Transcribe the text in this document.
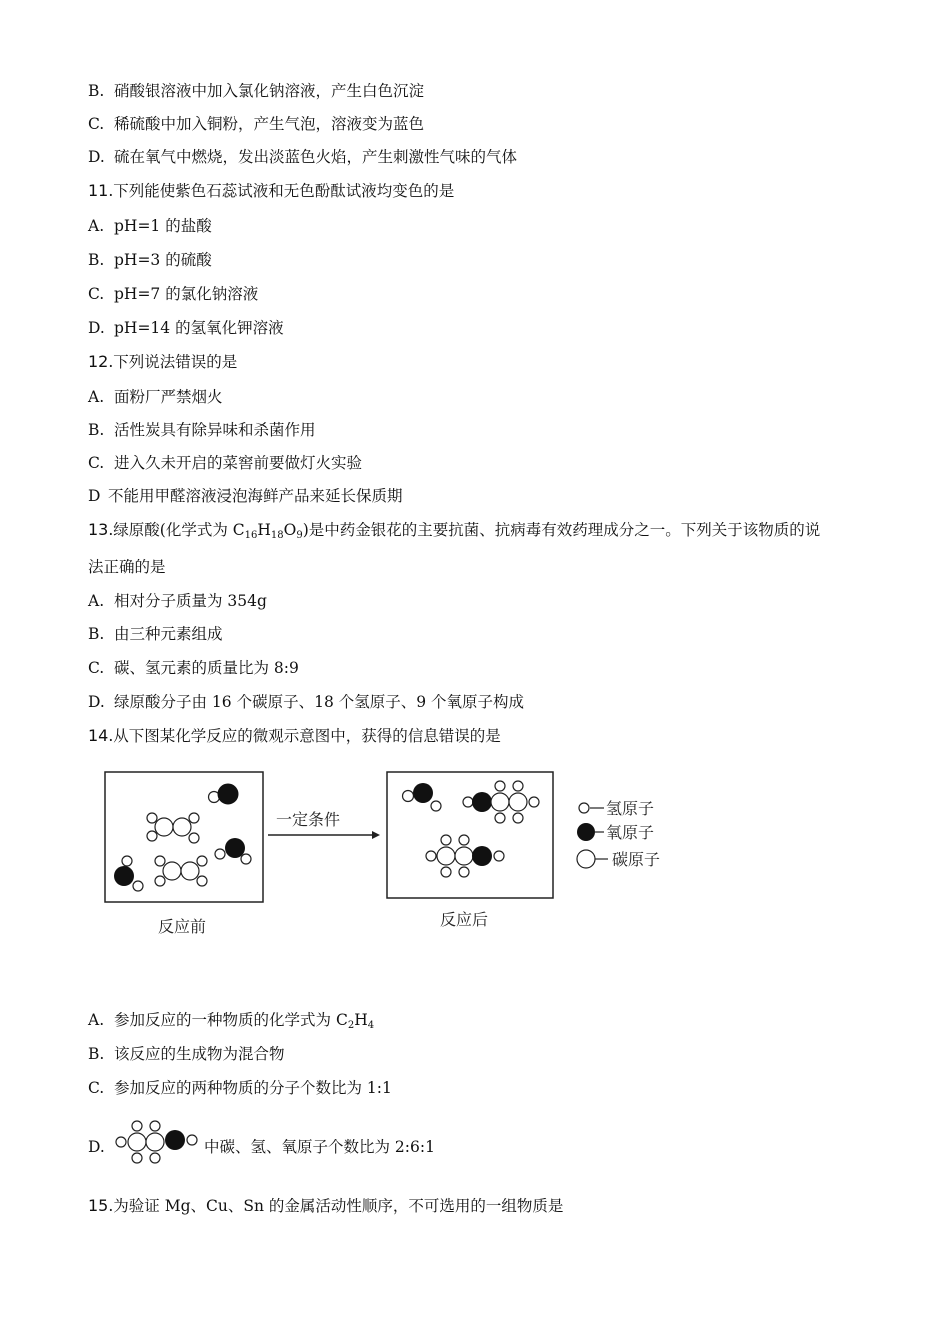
B. 硝酸银溶液中加入氯化钠溶液，产生白色沉淀
C. 稀硫酸中加入铜粉，产生气泡，溶液变为蓝色
D. 硫在氧气中燃烧，发出淡蓝色火焰，产生刺激性气味的气体
11.下列能使紫色石蕊试液和无色酚酞试液均变色的是
A. pH=1 的盐酸
B. pH=3 的硫酸
C. pH=7 的氯化钠溶液
D. pH=14 的氢氧化钾溶液
12.下列说法错误的是
A. 面粉厂严禁烟火
B. 活性炭具有除异味和杀菌作用
C. 进入久未开启的菜窖前要做灯火实验
D 不能用甲醛溶液浸泡海鲜产品来延长保质期
13.绿原酸(化学式为 $C_{16}H_{18}O_9$)是中药金银花的主要抗菌、抗病毒有效药理成分之一。下列关于该物质的说
法正确的是
A. 相对分子质量为 354g
B. 由三种元素组成
C. 碳、氢元素的质量比为 8:9
D. 绿原酸分子由 16 个碳原子、18 个氢原子、9 个氧原子构成
14.从下图某化学反应的微观示意图中，获得的信息错误的是
一定条件
氢原子
氧原子
碳原子
反应前	反应后
A. 参加反应的一种物质的化学式为 $C_2H_4$
B. 该反应的生成物为混合物
C. 参加反应的两种物质的分子个数比为 1:1
D.	中碳、氢、氧原子个数比为 2:6:1
15.为验证 Mg、Cu、Sn 的金属活动性顺序，不可选用的一组物质是
